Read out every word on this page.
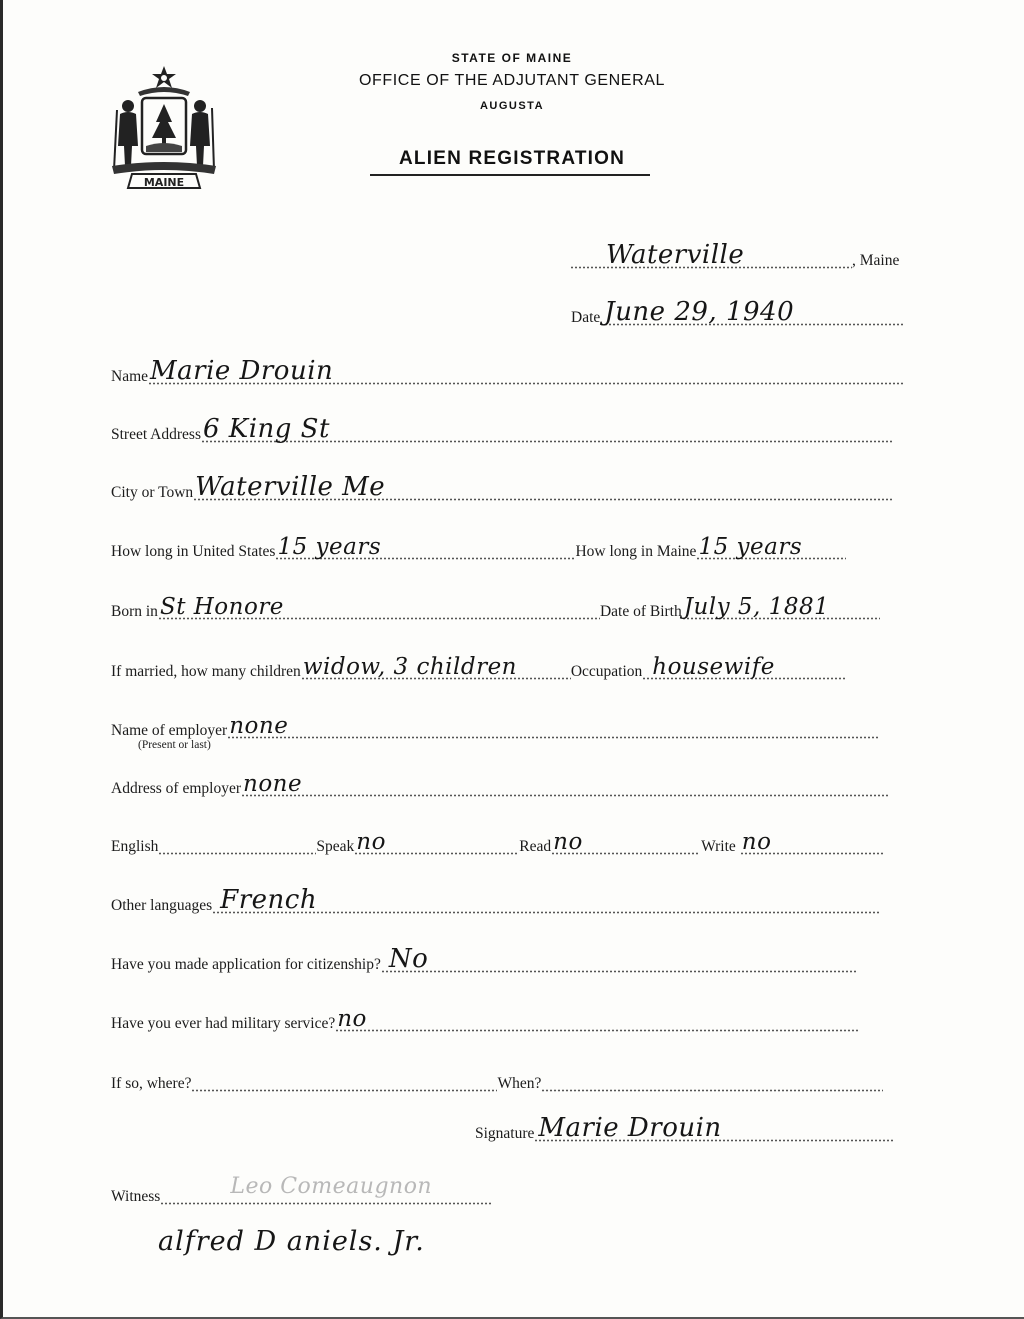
MAINE
STATE OF MAINE
OFFICE OF THE ADJUTANT GENERAL
AUGUSTA
ALIEN REGISTRATION
Waterville	, Maine
Date June 29, 1940
Name Marie Drouin
Street Address 6 King St
City or Town Waterville Me
How long in United States 15 years	How long in Maine 15 years
Born in St Honore	Date of Birth July 5, 1881
If married, how many children widow, 3 children	Occupation housewife
Name of employer none
(Present or last)
Address of employer none
English	Speak no	Read no	Write no
Other languages French
Have you made application for citizenship? No
Have you ever had military service? no
If so, where?	When?
Signature Marie Drouin
Witness	Leo Comeaugnon
alfred D aniels. Jr.
